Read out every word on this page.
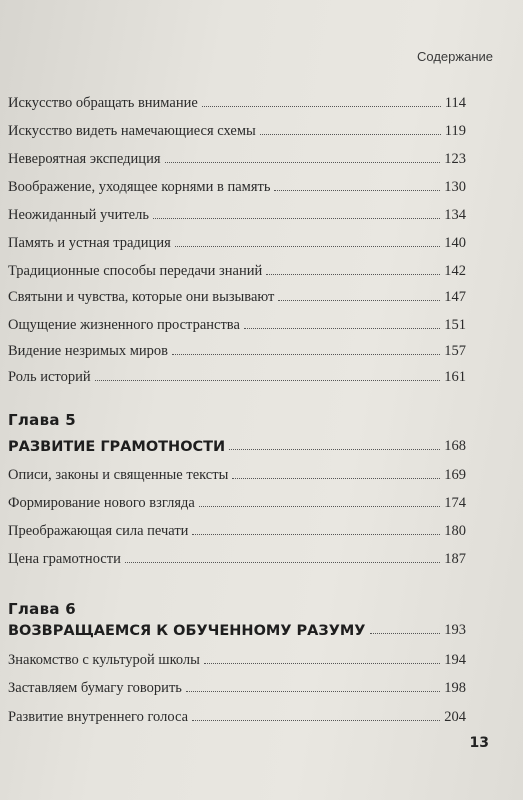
Содержание
Искусство обращать внимание	114
Искусство видеть намечающиеся схемы	119
Невероятная экспедиция	123
Воображение, уходящее корнями в память	130
Неожиданный учитель	134
Память и устная традиция	140
Традиционные способы передачи знаний	142
Святыни и чувства, которые они вызывают	147
Ощущение жизненного пространства	151
Видение незримых миров	157
Роль историй	161
Глава 5
РАЗВИТИЕ ГРАМОТНОСТИ	168
Описи, законы и священные тексты	169
Формирование нового взгляда	174
Преображающая сила печати	180
Цена грамотности	187
Глава 6
ВОЗВРАЩАЕМСЯ К ОБУЧЕННОМУ РАЗУМУ	193
Знакомство с культурой школы	194
Заставляем бумагу говорить	198
Развитие внутреннего голоса	204
13
